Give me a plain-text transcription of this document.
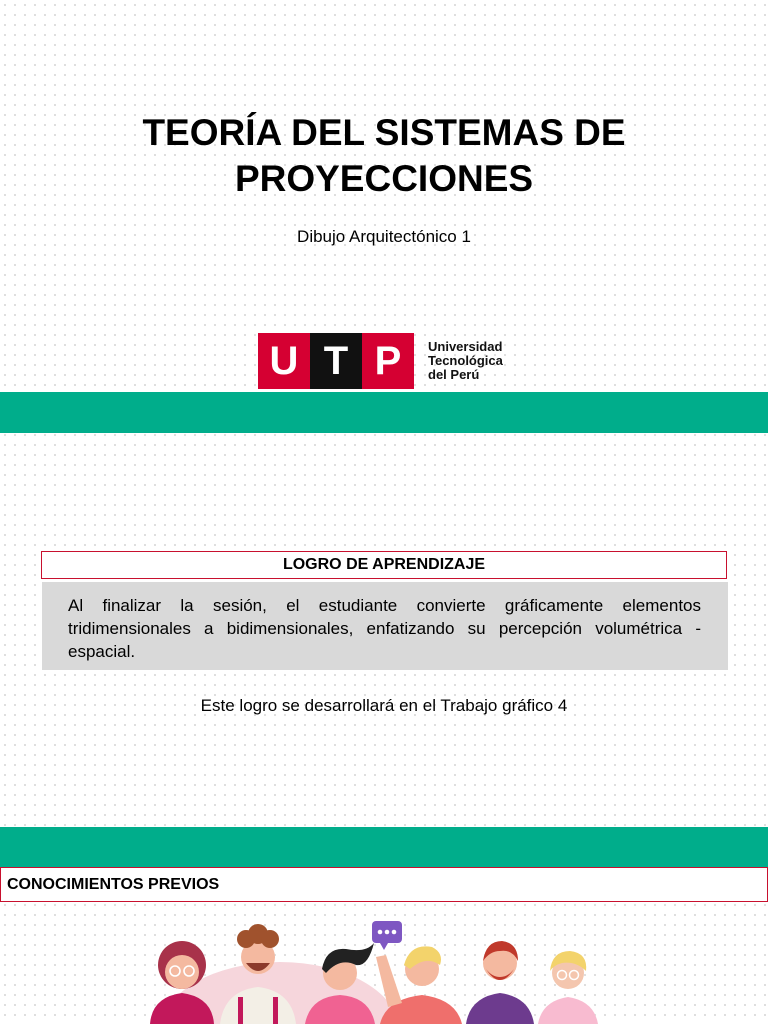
TEORÍA DEL SISTEMAS DE
PROYECCIONES
Dibujo Arquitectónico 1
U T P	Universidad
Tecnológica
del Perú
LOGRO DE APRENDIZAJE
Al finalizar la sesión, el estudiante convierte gráficamente elementos tridimensionales a bidimensionales, enfatizando su percepción volumétrica - espacial.
Este logro se desarrollará en el Trabajo gráfico 4
CONOCIMIENTOS PREVIOS
